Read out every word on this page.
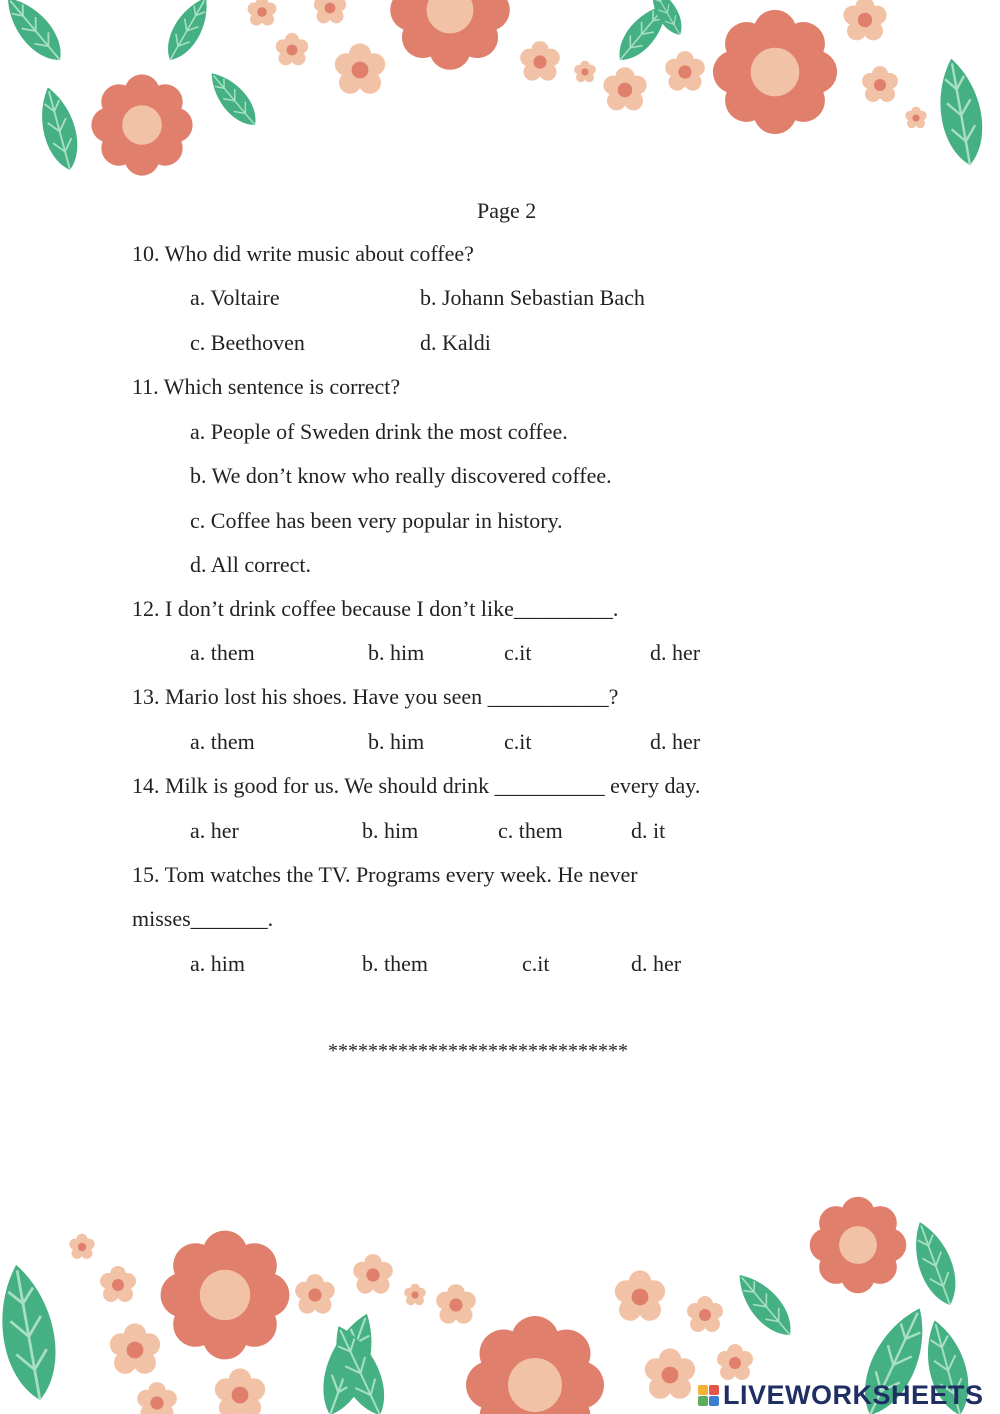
Page 2
10. Who did write music about coffee?
a. Voltaire	b. Johann Sebastian Bach
c. Beethoven	d. Kaldi
11. Which sentence is correct?
a. People of Sweden drink the most coffee.
b. We don’t know who really discovered coffee.
c. Coffee has been very popular in history.
d. All correct.
12. I don’t drink coffee because I don’t like_________.
a. them	b. him	c.it	d. her
13. Mario lost his shoes. Have you seen ___________?
a. them	b. him	c.it	d. her
14. Milk is good for us. We should drink __________ every day.
a. her	b. him	c. them	d. it
15. Tom watches the TV. Programs every week. He never
misses_______.
a. him	b. them	c.it	d. her
******************************
LIVEWORKSHEETS
